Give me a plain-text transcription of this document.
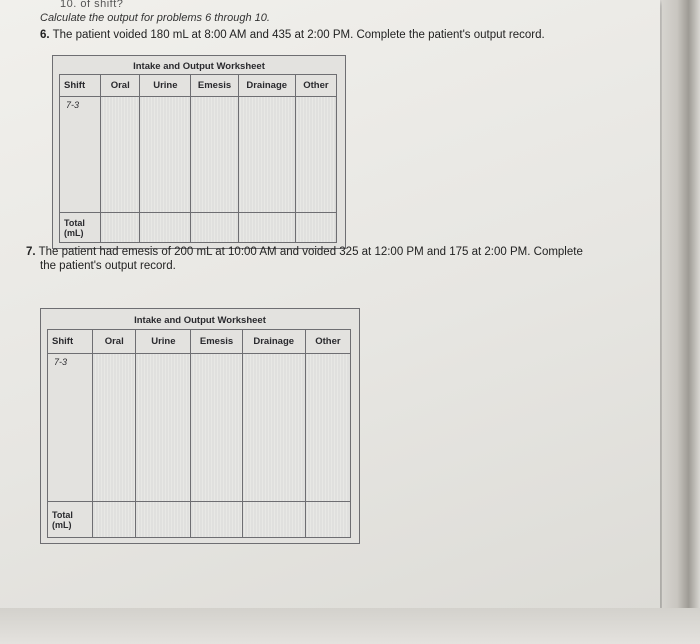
10. of shift?
Calculate the output for problems 6 through 10.
6. The patient voided 180 mL at 8:00 AM and 435 at 2:00 PM. Complete the patient's output record.
Intake and Output Worksheet
Shift	Oral	Urine	Emesis	Drainage	Other
7-3					
Total
(mL)					
7. The patient had emesis of 200 mL at 10:00 AM and voided 325 at 12:00 PM and 175 at 2:00 PM. Complete
the patient's output record.
Intake and Output Worksheet
Shift	Oral	Urine	Emesis	Drainage	Other
7-3					
Total
(mL)					
